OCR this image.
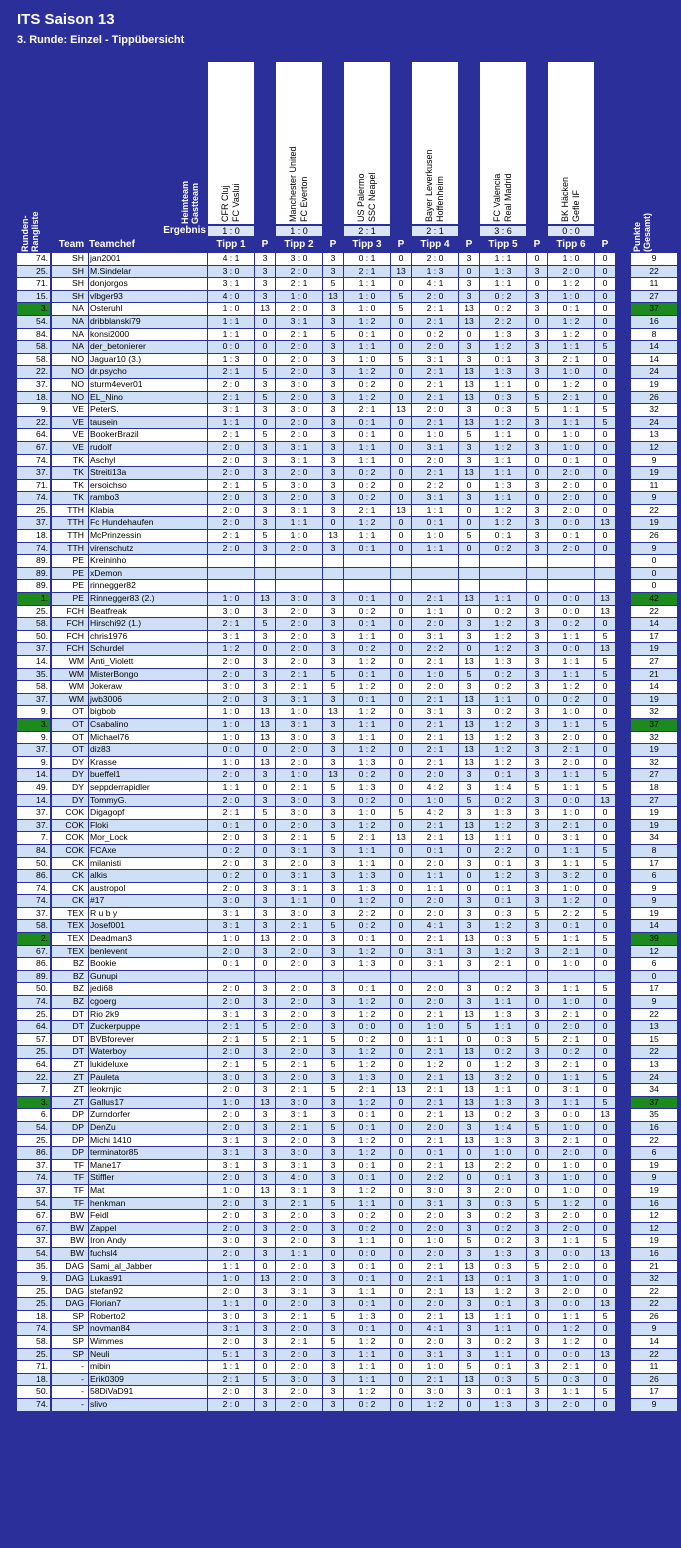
ITS Saison 13
3. Runde: Einzel - Tippübersicht
Runden-
Rangliste
Heimteam Gastteam
Punkte
(Gesamt)
CFR Cluj FC Vaslui	Manchester United FC Everton	US Palermo SSC Neapel	Bayer Leverkusen Hoffenheim	FC Valencia Real Madrid	BK Häcken Gefle IF
Ergebnis	1 : 0	1 : 0	2 : 1	2 : 1	3 : 6	0 : 0
Team Teamchef	Tipp 1	P	Tipp 2	P	Tipp 3	P	Tipp 4	P	Tipp 5	P	Tipp 6	P
74.	SH jan2001	4 : 1	3	3 : 0	3	0 : 1	0	2 : 0	3	1 : 1	0	1 : 0	0	9
25.	SH M.Sindelar	3 : 0	3	2 : 0	3	2 : 1	13	1 : 3	0	1 : 3	3	2 : 0	0	22
71.	SH donjorgos	3 : 1	3	2 : 1	5	1 : 1	0	4 : 1	3	1 : 1	0	1 : 2	0	11
15.	SH vlbger93	4 : 0	3	1 : 0	13	1 : 0	5	2 : 0	3	0 : 2	3	1 : 0	0	27
3.	NA Osteruhl	1 : 0	13	2 : 0	3	1 : 0	5	2 : 1	13	0 : 2	3	0 : 1	0	37
54.	NA dribblanski79	1 : 1	0	3 : 1	3	1 : 2	0	2 : 1	13	2 : 2	0	1 : 2	0	16
84.	NA konsi2000	1 : 1	0	2 : 1	5	0 : 1	0	0 : 2	0	1 : 3	3	1 : 2	0	8
58.	NA der_betonierer	0 : 0	0	2 : 0	3	1 : 1	0	2 : 0	3	1 : 2	3	1 : 1	5	14
58.	NO Jaguar10 (3.)	1 : 3	0	2 : 0	3	1 : 0	5	3 : 1	3	0 : 1	3	2 : 1	0	14
22.	NO dr.psycho	2 : 1	5	2 : 0	3	1 : 2	0	2 : 1	13	1 : 3	3	1 : 0	0	24
37.	NO sturm4ever01	2 : 0	3	3 : 0	3	0 : 2	0	2 : 1	13	1 : 1	0	1 : 2	0	19
18.	NO EL_Nino	2 : 1	5	2 : 0	3	1 : 2	0	2 : 1	13	0 : 3	5	2 : 1	0	26
9.	VE PeterS.	3 : 1	3	3 : 0	3	2 : 1	13	2 : 0	3	0 : 3	5	1 : 1	5	32
22.	VE tausein	1 : 1	0	2 : 0	3	0 : 1	0	2 : 1	13	1 : 2	3	1 : 1	5	24
64.	VE BookerBrazil	2 : 1	5	2 : 0	3	0 : 1	0	1 : 0	5	1 : 1	0	1 : 0	0	13
67.	VE rudolf	2 : 0	3	3 : 1	3	1 : 1	0	3 : 1	3	1 : 2	3	1 : 0	0	12
74.	TK Aschyl	2 : 0	3	3 : 1	3	1 : 1	0	2 : 0	3	1 : 1	0	0 : 1	0	9
37.	TK Streiti13a	2 : 0	3	2 : 0	3	0 : 2	0	2 : 1	13	1 : 1	0	2 : 0	0	19
71.	TK ersoichso	2 : 1	5	3 : 0	3	0 : 2	0	2 : 2	0	1 : 3	3	2 : 0	0	11
74.	TK rambo3	2 : 0	3	2 : 0	3	0 : 2	0	3 : 1	3	1 : 1	0	2 : 0	0	9
25.	TTH Klabia	2 : 0	3	3 : 1	3	2 : 1	13	1 : 1	0	1 : 2	3	2 : 0	0	22
37.	TTH Fc Hundehaufen	2 : 0	3	1 : 1	0	1 : 2	0	0 : 1	0	1 : 2	3	0 : 0	13	19
18.	TTH McPrinzessin	2 : 1	5	1 : 0	13	1 : 1	0	1 : 0	5	0 : 1	3	0 : 1	0	26
74.	TTH virenschutz	2 : 0	3	2 : 0	3	0 : 1	0	1 : 1	0	0 : 2	3	2 : 0	0	9
89.	PE Kreininho	0
89.	PE xDemon	0
89.	PE rinnegger82	0
1.	PE Rinnegger83 (2.)	1 : 0	13	3 : 0	3	0 : 1	0	2 : 1	13	1 : 1	0	0 : 0	13	42
25.	FCH Beatfreak	3 : 0	3	2 : 0	3	0 : 2	0	1 : 1	0	0 : 2	3	0 : 0	13	22
58.	FCH Hirschi92 (1.)	2 : 1	5	2 : 0	3	0 : 1	0	2 : 0	3	1 : 2	3	0 : 2	0	14
50.	FCH chris1976	3 : 1	3	2 : 0	3	1 : 1	0	3 : 1	3	1 : 2	3	1 : 1	5	17
37.	FCH Schurdel	1 : 2	0	2 : 0	3	0 : 2	0	2 : 2	0	1 : 2	3	0 : 0	13	19
14.	WM Anti_Violett	2 : 0	3	2 : 0	3	1 : 2	0	2 : 1	13	1 : 3	3	1 : 1	5	27
35.	WM MisterBongo	2 : 0	3	2 : 1	5	0 : 1	0	1 : 0	5	0 : 2	3	1 : 1	5	21
58.	WM Jokeraw	3 : 0	3	2 : 1	5	1 : 2	0	2 : 0	3	0 : 2	3	1 : 2	0	14
37.	WM jwb3006	2 : 0	3	3 : 1	3	0 : 1	0	2 : 1	13	1 : 1	0	0 : 2	0	19
9.	OT bigbob	1 : 0	13	1 : 0	13	1 : 2	0	3 : 1	3	0 : 2	3	1 : 0	0	32
3.	OT Csabalino	1 : 0	13	3 : 1	3	1 : 1	0	2 : 1	13	1 : 2	3	1 : 1	5	37
9.	OT Michael76	1 : 0	13	3 : 0	3	1 : 1	0	2 : 1	13	1 : 2	3	2 : 0	0	32
37.	OT diz83	0 : 0	0	2 : 0	3	1 : 2	0	2 : 1	13	1 : 2	3	2 : 1	0	19
9.	DY Krasse	1 : 0	13	2 : 0	3	1 : 3	0	2 : 1	13	1 : 2	3	2 : 0	0	32
14.	DY bueffel1	2 : 0	3	1 : 0	13	0 : 2	0	2 : 0	3	0 : 1	3	1 : 1	5	27
49.	DY seppderrapidler	1 : 1	0	2 : 1	5	1 : 3	0	4 : 2	3	1 : 4	5	1 : 1	5	18
14.	DY TommyG.	2 : 0	3	3 : 0	3	0 : 2	0	1 : 0	5	0 : 2	3	0 : 0	13	27
37.	COK Digagopf	2 : 1	5	3 : 0	3	1 : 0	5	4 : 2	3	1 : 3	3	1 : 0	0	19
37.	COK Floki	0 : 1	0	2 : 0	3	1 : 2	0	2 : 1	13	1 : 2	3	2 : 1	0	19
7.	COK Mor_Lock	2 : 0	3	2 : 1	5	2 : 1	13	2 : 1	13	1 : 1	0	3 : 1	0	34
84.	COK FCAxe	0 : 2	0	3 : 1	3	1 : 1	0	0 : 1	0	2 : 2	0	1 : 1	5	8
50.	CK milanisti	2 : 0	3	2 : 0	3	1 : 1	0	2 : 0	3	0 : 1	3	1 : 1	5	17
86.	CK alkis	0 : 2	0	3 : 1	3	1 : 3	0	1 : 1	0	1 : 2	3	3 : 2	0	6
74.	CK austropol	2 : 0	3	3 : 1	3	1 : 3	0	1 : 1	0	0 : 1	3	1 : 0	0	9
74.	CK #17	3 : 0	3	1 : 1	0	1 : 2	0	2 : 0	3	0 : 1	3	1 : 2	0	9
37.	TEX R u b y	3 : 1	3	3 : 0	3	2 : 2	0	2 : 0	3	0 : 3	5	2 : 2	5	19
58.	TEX Josef001	3 : 1	3	2 : 1	5	0 : 2	0	4 : 1	3	1 : 2	3	0 : 1	0	14
2.	TEX Deadman3	1 : 0	13	2 : 0	3	0 : 1	0	2 : 1	13	0 : 3	5	1 : 1	5	39
67.	TEX benlevent	2 : 0	3	2 : 0	3	1 : 2	0	3 : 1	3	1 : 2	3	2 : 1	0	12
86.	BZ Bookie	0 : 1	0	2 : 0	3	1 : 3	0	3 : 1	3	2 : 1	0	1 : 0	0	6
89.	BZ Gunupi	0
50.	BZ jedi68	2 : 0	3	2 : 0	3	0 : 1	0	2 : 0	3	0 : 2	3	1 : 1	5	17
74.	BZ cgoerg	2 : 0	3	2 : 0	3	1 : 2	0	2 : 0	3	1 : 1	0	1 : 0	0	9
25.	DT Rio 2k9	3 : 1	3	2 : 0	3	1 : 2	0	2 : 1	13	1 : 3	3	2 : 1	0	22
64.	DT Zuckerpuppe	2 : 1	5	2 : 0	3	0 : 0	0	1 : 0	5	1 : 1	0	2 : 0	0	13
57.	DT BVBforever	2 : 1	5	2 : 1	5	0 : 2	0	1 : 1	0	0 : 3	5	2 : 1	0	15
25.	DT Waterboy	2 : 0	3	2 : 0	3	1 : 2	0	2 : 1	13	0 : 2	3	0 : 2	0	22
64.	ZT lukideluxe	2 : 1	5	2 : 1	5	1 : 2	0	1 : 2	0	1 : 2	3	2 : 1	0	13
22.	ZT Pauleta	3 : 0	3	2 : 0	3	1 : 3	0	2 : 1	13	3 : 2	0	1 : 1	5	24
7.	ZT leokrnjic	2 : 0	3	2 : 1	5	2 : 1	13	2 : 1	13	1 : 1	0	3 : 1	0	34
3.	ZT Gallus17	1 : 0	13	3 : 0	3	1 : 2	0	2 : 1	13	1 : 3	3	1 : 1	5	37
6.	DP Zurndorfer	2 : 0	3	3 : 1	3	0 : 1	0	2 : 1	13	0 : 2	3	0 : 0	13	35
54.	DP DenZu	2 : 0	3	2 : 1	5	0 : 1	0	2 : 0	3	1 : 4	5	1 : 0	0	16
25.	DP Michi 1410	3 : 1	3	2 : 0	3	1 : 2	0	2 : 1	13	1 : 3	3	2 : 1	0	22
86.	DP terminator85	3 : 1	3	3 : 0	3	1 : 2	0	0 : 1	0	1 : 0	0	2 : 0	0	6
37.	TF Mane17	3 : 1	3	3 : 1	3	0 : 1	0	2 : 1	13	2 : 2	0	1 : 0	0	19
74.	TF Stiffler	2 : 0	3	4 : 0	3	0 : 1	0	2 : 2	0	0 : 1	3	1 : 0	0	9
37.	TF Mat	1 : 0	13	3 : 1	3	1 : 2	0	3 : 0	3	2 : 0	0	1 : 0	0	19
54.	TF henkman	2 : 0	3	2 : 1	5	1 : 1	0	3 : 1	3	0 : 3	5	1 : 2	0	16
67.	BW Feidl	2 : 0	3	2 : 0	3	0 : 2	0	2 : 0	3	0 : 2	3	2 : 0	0	12
67.	BW Zappel	2 : 0	3	2 : 0	3	0 : 2	0	2 : 0	3	0 : 2	3	2 : 0	0	12
37.	BW Iron Andy	3 : 0	3	2 : 0	3	1 : 1	0	1 : 0	5	0 : 2	3	1 : 1	5	19
54.	BW fuchsl4	2 : 0	3	1 : 1	0	0 : 0	0	2 : 0	3	1 : 3	3	0 : 0	13	16
35.	DAG Sami_al_Jabber	1 : 1	0	2 : 0	3	0 : 1	0	2 : 1	13	0 : 3	5	2 : 0	0	21
9.	DAG Lukas91	1 : 0	13	2 : 0	3	0 : 1	0	2 : 1	13	0 : 1	3	1 : 0	0	32
25.	DAG stefan92	2 : 0	3	3 : 1	3	1 : 1	0	2 : 1	13	1 : 2	3	2 : 0	0	22
25.	DAG Florian7	1 : 1	0	2 : 0	3	0 : 1	0	2 : 0	3	0 : 1	3	0 : 0	13	22
18.	SP Roberto2	3 : 0	3	2 : 1	5	1 : 3	0	2 : 1	13	1 : 1	0	1 : 1	5	26
74.	SP novman84	3 : 1	3	2 : 0	3	0 : 1	0	4 : 1	3	1 : 1	0	1 : 2	0	9
58.	SP Wimmes	2 : 0	3	2 : 1	5	1 : 2	0	2 : 0	3	0 : 2	3	1 : 2	0	14
25.	SP Neuli	5 : 1	3	2 : 0	3	1 : 1	0	3 : 1	3	1 : 1	0	0 : 0	13	22
71.	- mibin	1 : 1	0	2 : 0	3	1 : 1	0	1 : 0	5	0 : 1	3	2 : 1	0	11
18.	- Erik0309	2 : 1	5	3 : 0	3	1 : 1	0	2 : 1	13	0 : 3	5	0 : 3	0	26
50.	- 58DiVaD91	2 : 0	3	2 : 0	3	1 : 2	0	3 : 0	3	0 : 1	3	1 : 1	5	17
74.	- slivo	2 : 0	3	2 : 0	3	0 : 2	0	1 : 2	0	1 : 3	3	2 : 0	0	9
